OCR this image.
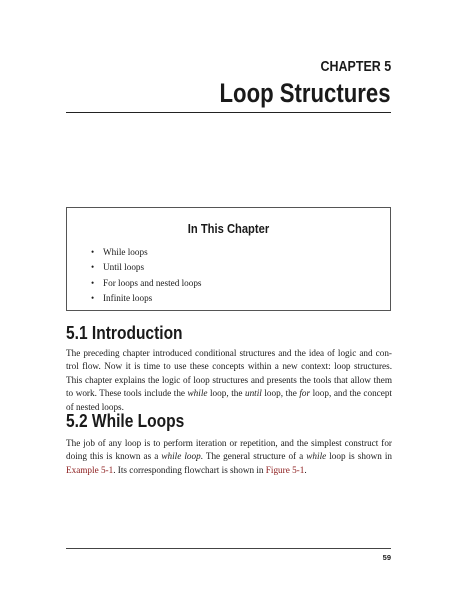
CHAPTER 5
Loop Structures
In This Chapter
• While loops
• Until loops
• For loops and nested loops
• Infinite loops
5.1 Introduction
The preceding chapter introduced conditional structures and the idea of logic and con-
trol flow. Now it is time to use these concepts within a new context: loop structures.
This chapter explains the logic of loop structures and presents the tools that allow them
to work. These tools include the while loop, the until loop, the for loop, and the concept
of nested loops.
5.2 While Loops
The job of any loop is to perform iteration or repetition, and the simplest construct for
doing this is known as a while loop. The general structure of a while loop is shown in
Example 5-1. Its corresponding flowchart is shown in Figure 5-1.
59
